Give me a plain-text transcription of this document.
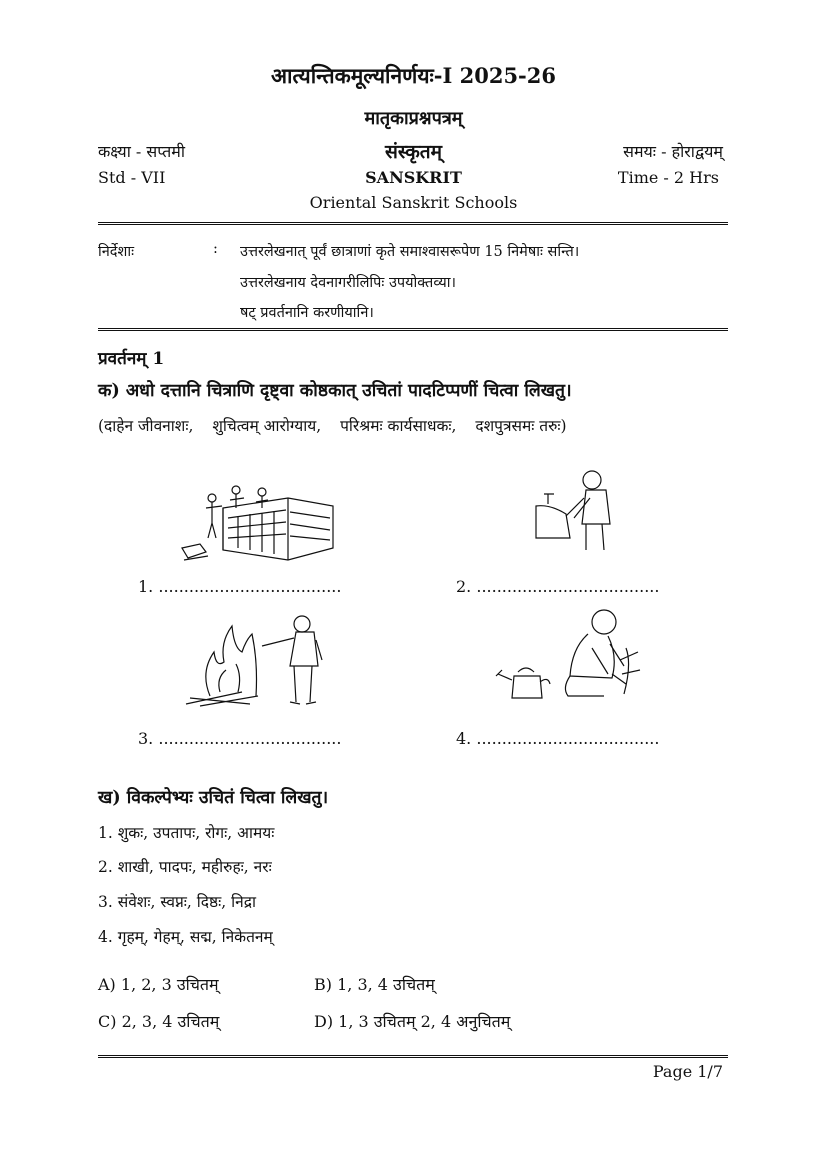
आत्यन्तिकमूल्यनिर्णयः-I 2025-26
मातृकाप्रश्नपत्रम्
कक्ष्या - सप्तमी	संस्कृतम्	समयः - होराद्वयम्
Std - VII	SANSKRIT	Time - 2 Hrs
Oriental Sanskrit Schools
निर्देशाः	: उत्तरलेखनात् पूर्वं छात्राणां कृते समाश्वासरूपेण 15 निमेषाः सन्ति।
उत्तरलेखनाय देवनागरीलिपिः उपयोक्तव्या।
षट् प्रवर्तनानि करणीयानि।
प्रवर्तनम् 1
क) अधो दत्तानि चित्राणि दृष्ट्वा कोष्ठकात् उचितां पादटिप्पणीं चित्वा लिखतु।
(दाहेन जीवनाशः, शुचित्वम् आरोग्याय, परिश्रमः कार्यसाधकः, दशपुत्रसमः तरुः)
1. ....................................	2. ....................................
3. ....................................	4. ....................................
ख) विकल्पेभ्यः उचितं चित्वा लिखतु।
1. शुकः, उपतापः, रोगः, आमयः
2. शाखी, पादपः, महीरुहः, नरः
3. संवेशः, स्वप्नः, दिष्ठः, निद्रा
4. गृहम्, गेहम्, सद्म, निकेतनम्
A) 1, 2, 3 उचितम्	B) 1, 3, 4 उचितम्
C) 2, 3, 4 उचितम्	D) 1, 3 उचितम् 2, 4 अनुचितम्
Page 1/7
